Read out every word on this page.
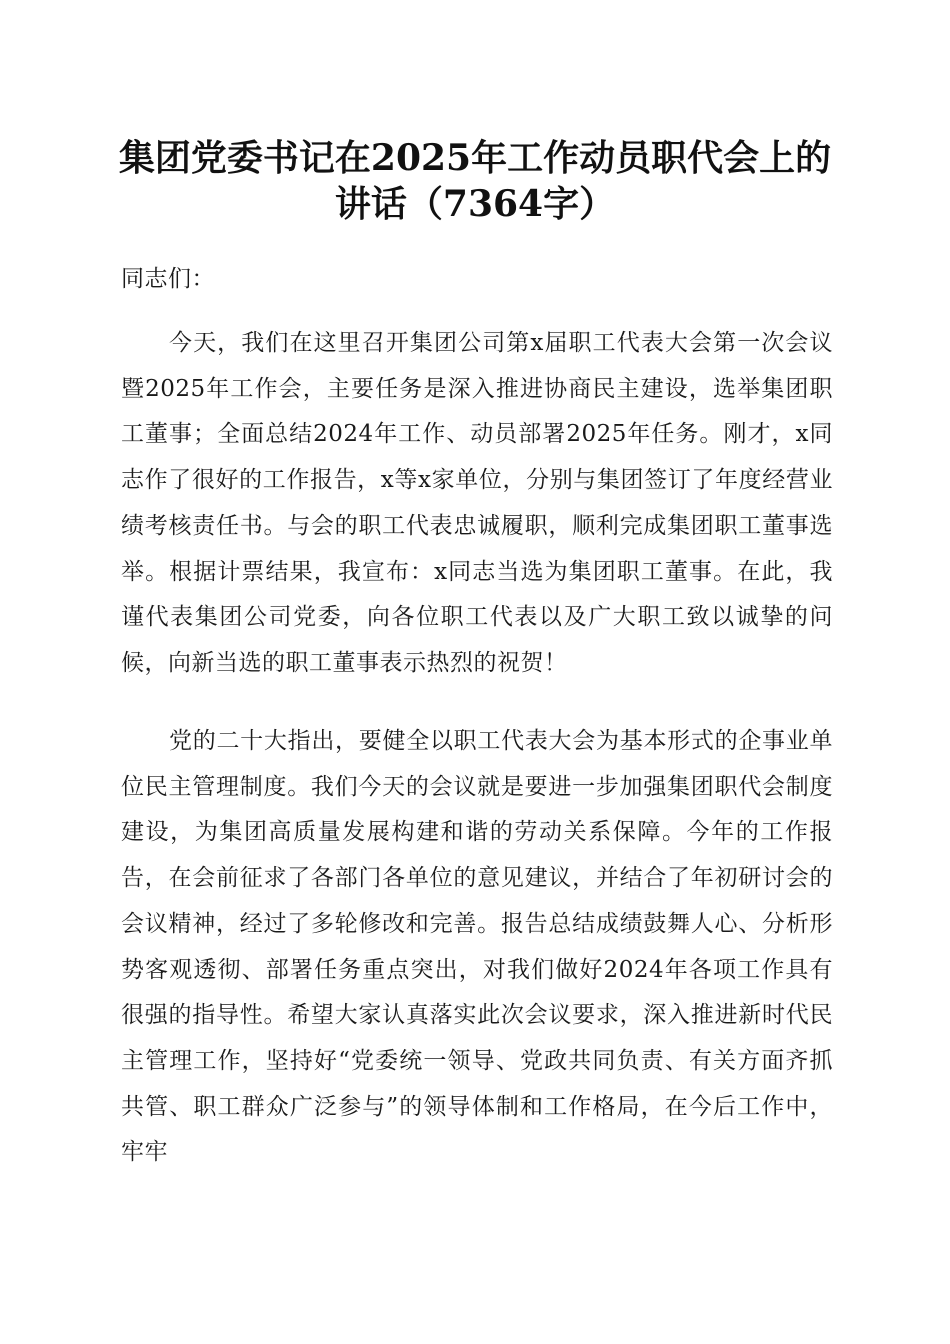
集团党委书记在2025年工作动员职代会上的
讲话（7364字）
同志们：

今天，我们在这里召开集团公司第x届职工代表大会第一次会议暨2025年工作会，主要任务是深入推进协商民主建设，选举集团职工董事；全面总结2024年工作、动员部署2025年任务。刚才，x同志作了很好的工作报告，x等x家单位，分别与集团签订了年度经营业绩考核责任书。与会的职工代表忠诚履职，顺利完成集团职工董事选举。根据计票结果，我宣布：x同志当选为集团职工董事。在此，我谨代表集团公司党委，向各位职工代表以及广大职工致以诚挚的问候，向新当选的职工董事表示热烈的祝贺！

党的二十大指出，要健全以职工代表大会为基本形式的企事业单位民主管理制度。我们今天的会议就是要进一步加强集团职代会制度建设，为集团高质量发展构建和谐的劳动关系保障。今年的工作报告，在会前征求了各部门各单位的意见建议，并结合了年初研讨会的会议精神，经过了多轮修改和完善。报告总结成绩鼓舞人心、分析形势客观透彻、部署任务重点突出，对我们做好2024年各项工作具有很强的指导性。希望大家认真落实此次会议要求，深入推进新时代民主管理工作，坚持好“党委统一领导、党政共同负责、有关方面齐抓共管、职工群众广泛参与”的领导体制和工作格局，在今后工作中，牢牢
